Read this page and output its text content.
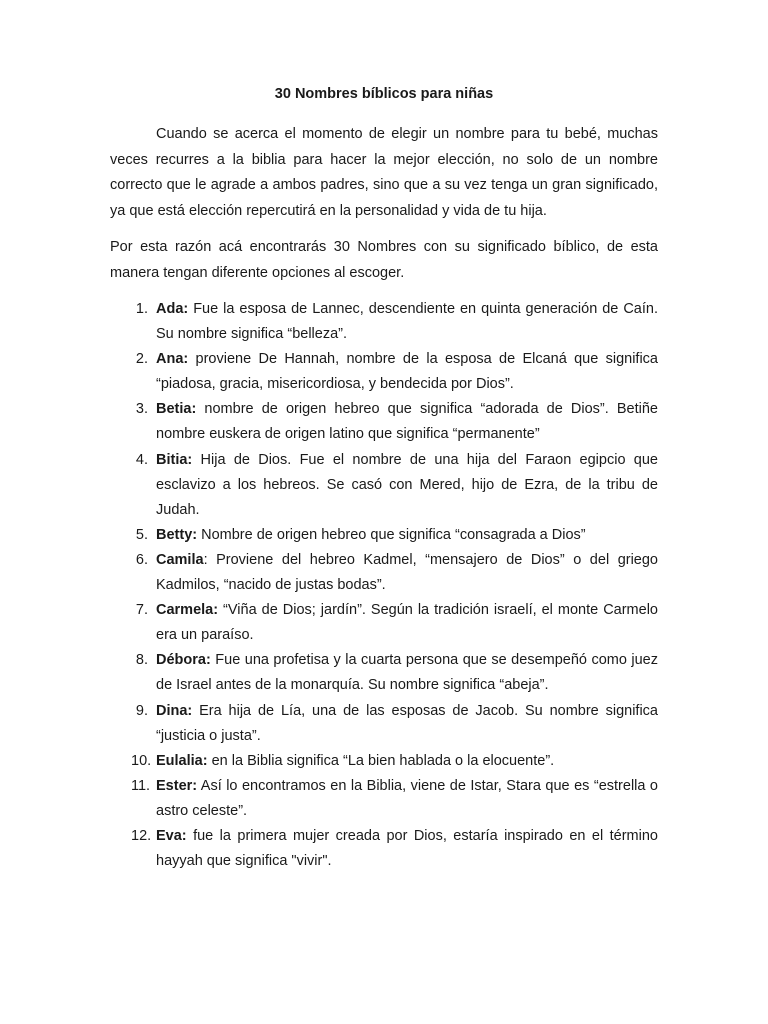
30 Nombres bíblicos para niñas

Cuando se acerca el momento de elegir un nombre para tu bebé, muchas veces recurres a la biblia para hacer la mejor elección, no solo de un nombre correcto que le agrade a ambos padres, sino que a su vez tenga un gran significado, ya que está elección repercutirá en la personalidad y vida de tu hija.

Por esta razón acá encontrarás 30 Nombres con su significado bíblico, de esta manera tengan diferente opciones al escoger.

1. Ada: Fue la esposa de Lannec, descendiente en quinta generación de Caín. Su nombre significa “belleza”.
2. Ana: proviene De Hannah, nombre de la esposa de Elcaná que significa “piadosa, gracia, misericordiosa, y bendecida por Dios”.
3. Betia: nombre de origen hebreo que significa “adorada de Dios”. Betiñe nombre euskera de origen latino que significa “permanente”
4. Bitia: Hija de Dios. Fue el nombre de una hija del Faraon egipcio que esclavizo a los hebreos. Se casó con Mered, hijo de Ezra, de la tribu de Judah.
5. Betty: Nombre de origen hebreo que significa “consagrada a Dios”
6. Camila: Proviene del hebreo Kadmel, “mensajero de Dios” o del griego Kadmilos, “nacido de justas bodas”.
7. Carmela: “Viña de Dios; jardín”. Según la tradición israelí, el monte Carmelo era un paraíso.
8. Débora: Fue una profetisa y la cuarta persona que se desempeñó como juez de Israel antes de la monarquía. Su nombre significa “abeja”.
9. Dina: Era hija de Lía, una de las esposas de Jacob. Su nombre significa “justicia o justa”.
10. Eulalia: en la Biblia significa “La bien hablada o la elocuente”.
11. Ester: Así lo encontramos en la Biblia, viene de Istar, Stara que es “estrella o astro celeste”.
12. Eva: fue la primera mujer creada por Dios, estaría inspirado en el término hayyah que significa "vivir".
